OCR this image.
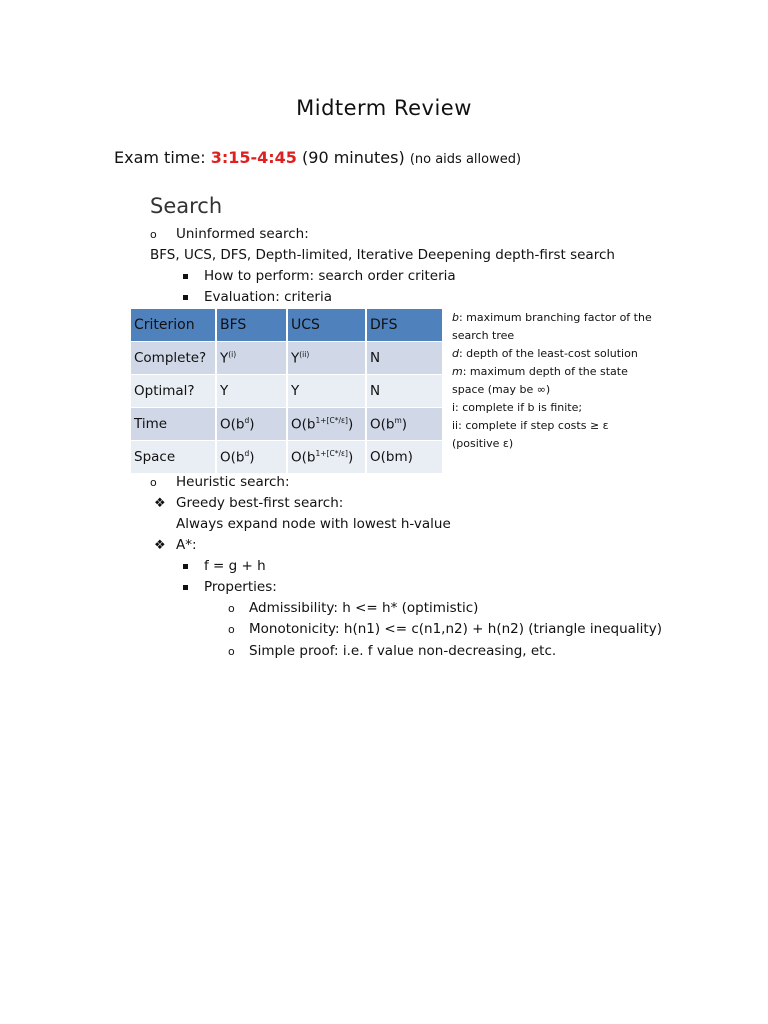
Midterm Review
Exam time: 3:15-4:45 (90 minutes) (no aids allowed)
Search
o Uninformed search:
BFS, UCS, DFS, Depth-limited, Iterative Deepening depth-first search
How to perform: search order criteria
Evaluation: criteria
Criterion	BFS	UCS	DFS
Complete?	$Y^{(i)}$	$Y^{(ii)}$	N
Optimal?	Y	Y	N
Time	$O(b^d)$	$O(b^{1+[C*/\varepsilon]})$	$O(b^m)$
Space	$O(b^d)$	$O(b^{1+[C*/\varepsilon]})$	O(bm)
b: maximum branching factor of the
search tree
d: depth of the least-cost solution
m: maximum depth of the state
space (may be ∞)
i: complete if b is finite;
ii: complete if step costs ≥ ε
(positive ε)
o Heuristic search:
❖ Greedy best-first search:
Always expand node with lowest h-value
❖ A*:
f = g + h
Properties:
o Admissibility: h <= h* (optimistic)
o Monotonicity: h(n1) <= c(n1,n2) + h(n2) (triangle inequality)
o Simple proof: i.e. f value non-decreasing, etc.
